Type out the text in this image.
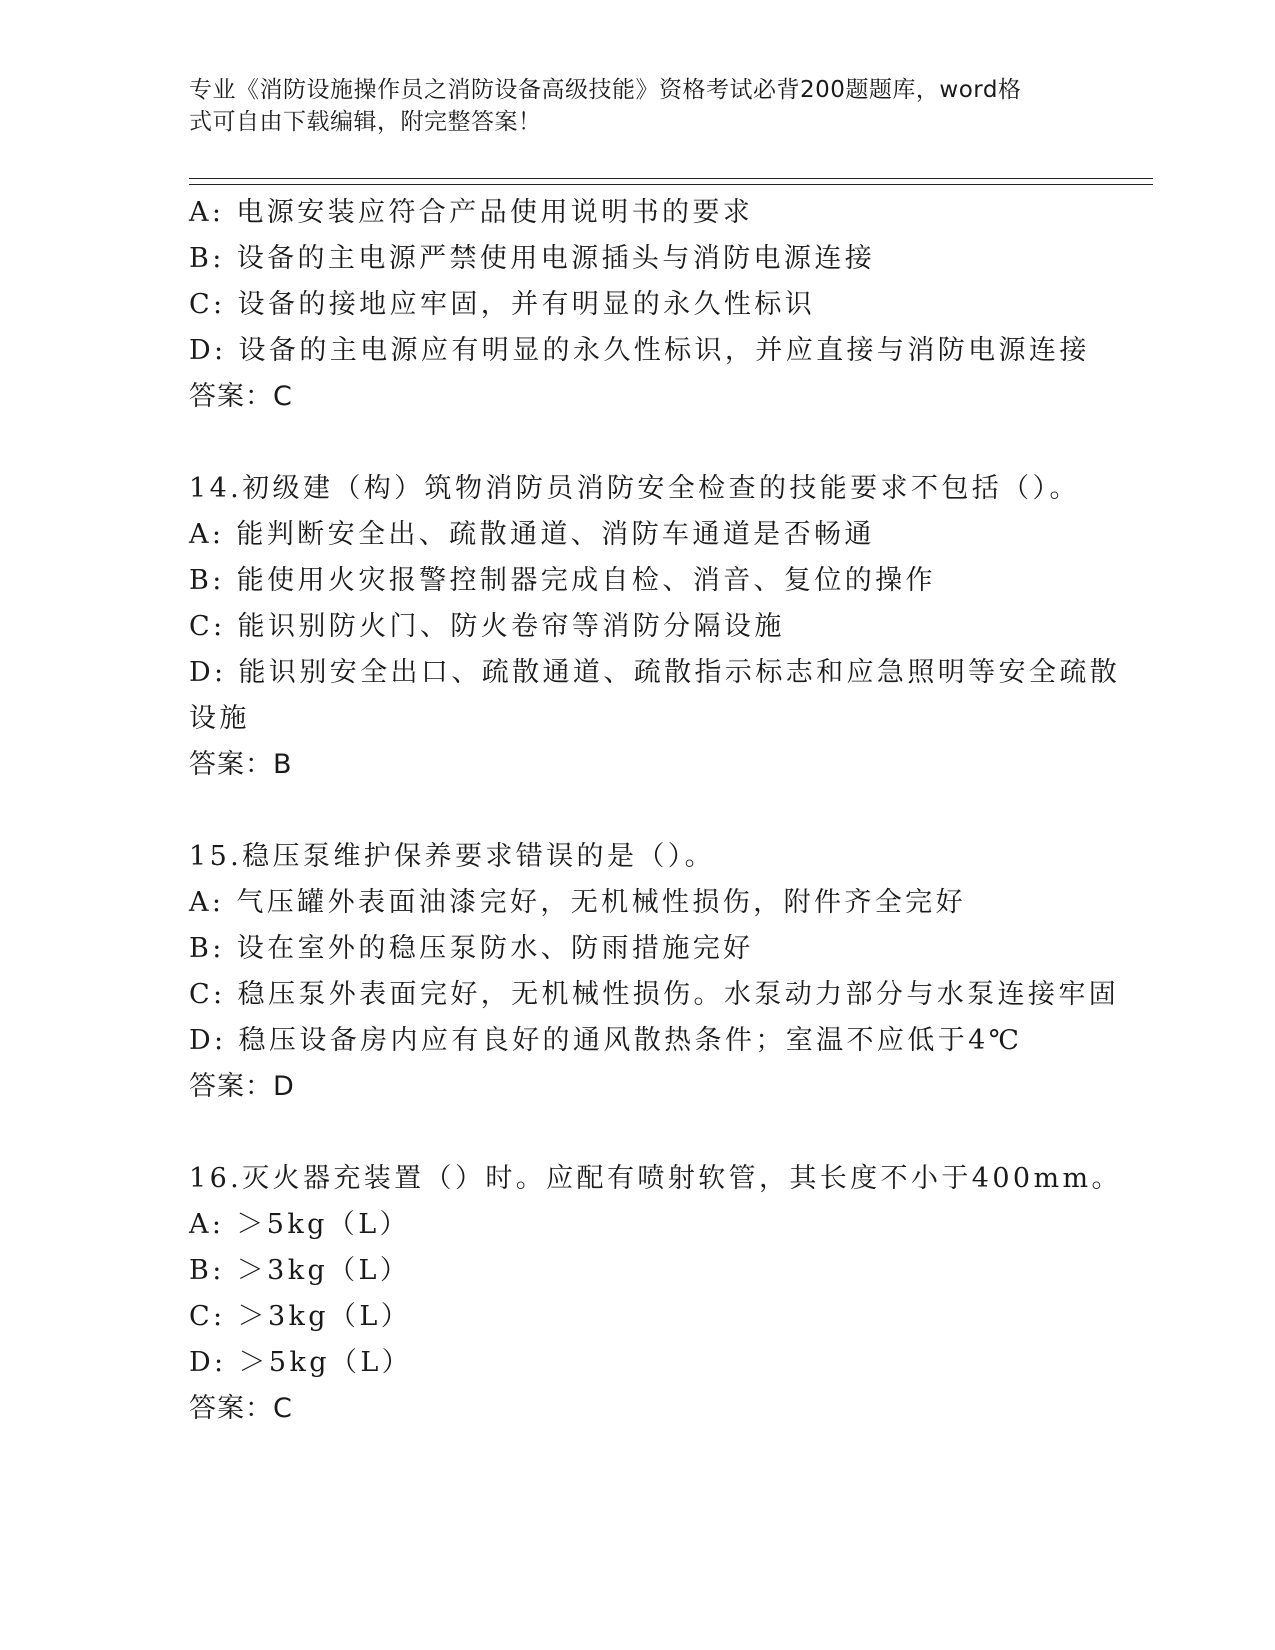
专业《消防设施操作员之消防设备高级技能》资格考试必背200题题库，word格
式可自由下载编辑，附完整答案！
A: 电源安装应符合产品使用说明书的要求
B: 设备的主电源严禁使用电源插头与消防电源连接
C: 设备的接地应牢固，并有明显的永久性标识
D: 设备的主电源应有明显的永久性标识，并应直接与消防电源连接
答案：C
14.初级建（构）筑物消防员消防安全检查的技能要求不包括（）。
A: 能判断安全出、疏散通道、消防车通道是否畅通
B: 能使用火灾报警控制器完成自检、消音、复位的操作
C: 能识别防火门、防火卷帘等消防分隔设施
D: 能识别安全出口、疏散通道、疏散指示标志和应急照明等安全疏散
设施
答案：B
15.稳压泵维护保养要求错误的是（）。
A: 气压罐外表面油漆完好，无机械性损伤，附件齐全完好
B: 设在室外的稳压泵防水、防雨措施完好
C: 稳压泵外表面完好，无机械性损伤。水泵动力部分与水泵连接牢固
D: 稳压设备房内应有良好的通风散热条件；室温不应低于4℃
答案：D
16.灭火器充装置（）时。应配有喷射软管，其长度不小于400mm。
A: ＞5kg（L）
B: ＞3kg（L）
C: ＞3kg（L）
D: ＞5kg（L）
答案：C
